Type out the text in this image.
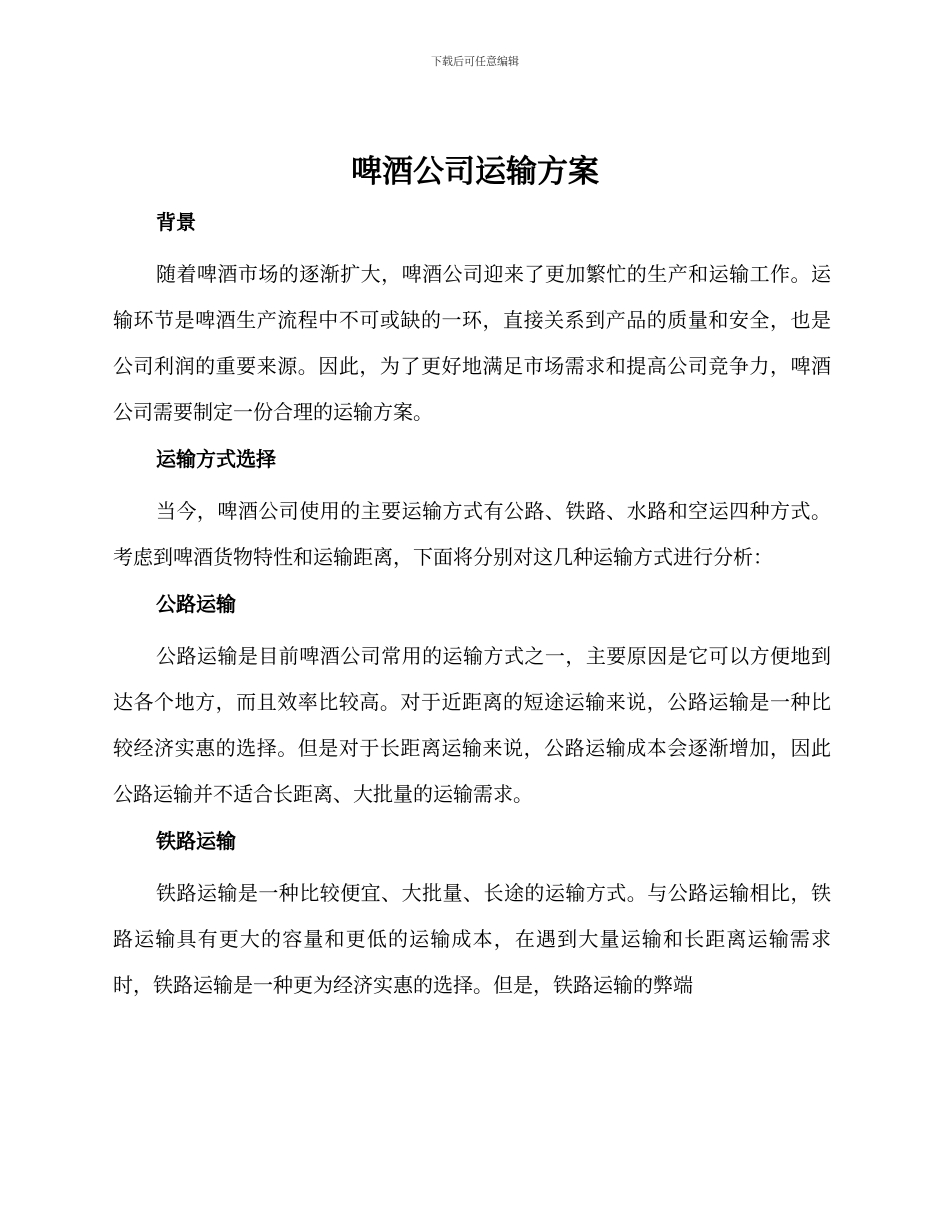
下载后可任意编辑
啤酒公司运输方案
背景

随着啤酒市场的逐渐扩大，啤酒公司迎来了更加繁忙的生产和运输工作。运输环节是啤酒生产流程中不可或缺的一环，直接关系到产品的质量和安全，也是公司利润的重要来源。因此，为了更好地满足市场需求和提高公司竞争力，啤酒公司需要制定一份合理的运输方案。

运输方式选择

当今，啤酒公司使用的主要运输方式有公路、铁路、水路和空运四种方式。考虑到啤酒货物特性和运输距离，下面将分别对这几种运输方式进行分析：

公路运输

公路运输是目前啤酒公司常用的运输方式之一，主要原因是它可以方便地到达各个地方，而且效率比较高。对于近距离的短途运输来说，公路运输是一种比较经济实惠的选择。但是对于长距离运输来说，公路运输成本会逐渐增加，因此公路运输并不适合长距离、大批量的运输需求。

铁路运输

铁路运输是一种比较便宜、大批量、长途的运输方式。与公路运输相比，铁路运输具有更大的容量和更低的运输成本，在遇到大量运输和长距离运输需求时，铁路运输是一种更为经济实惠的选择。但是，铁路运输的弊端
